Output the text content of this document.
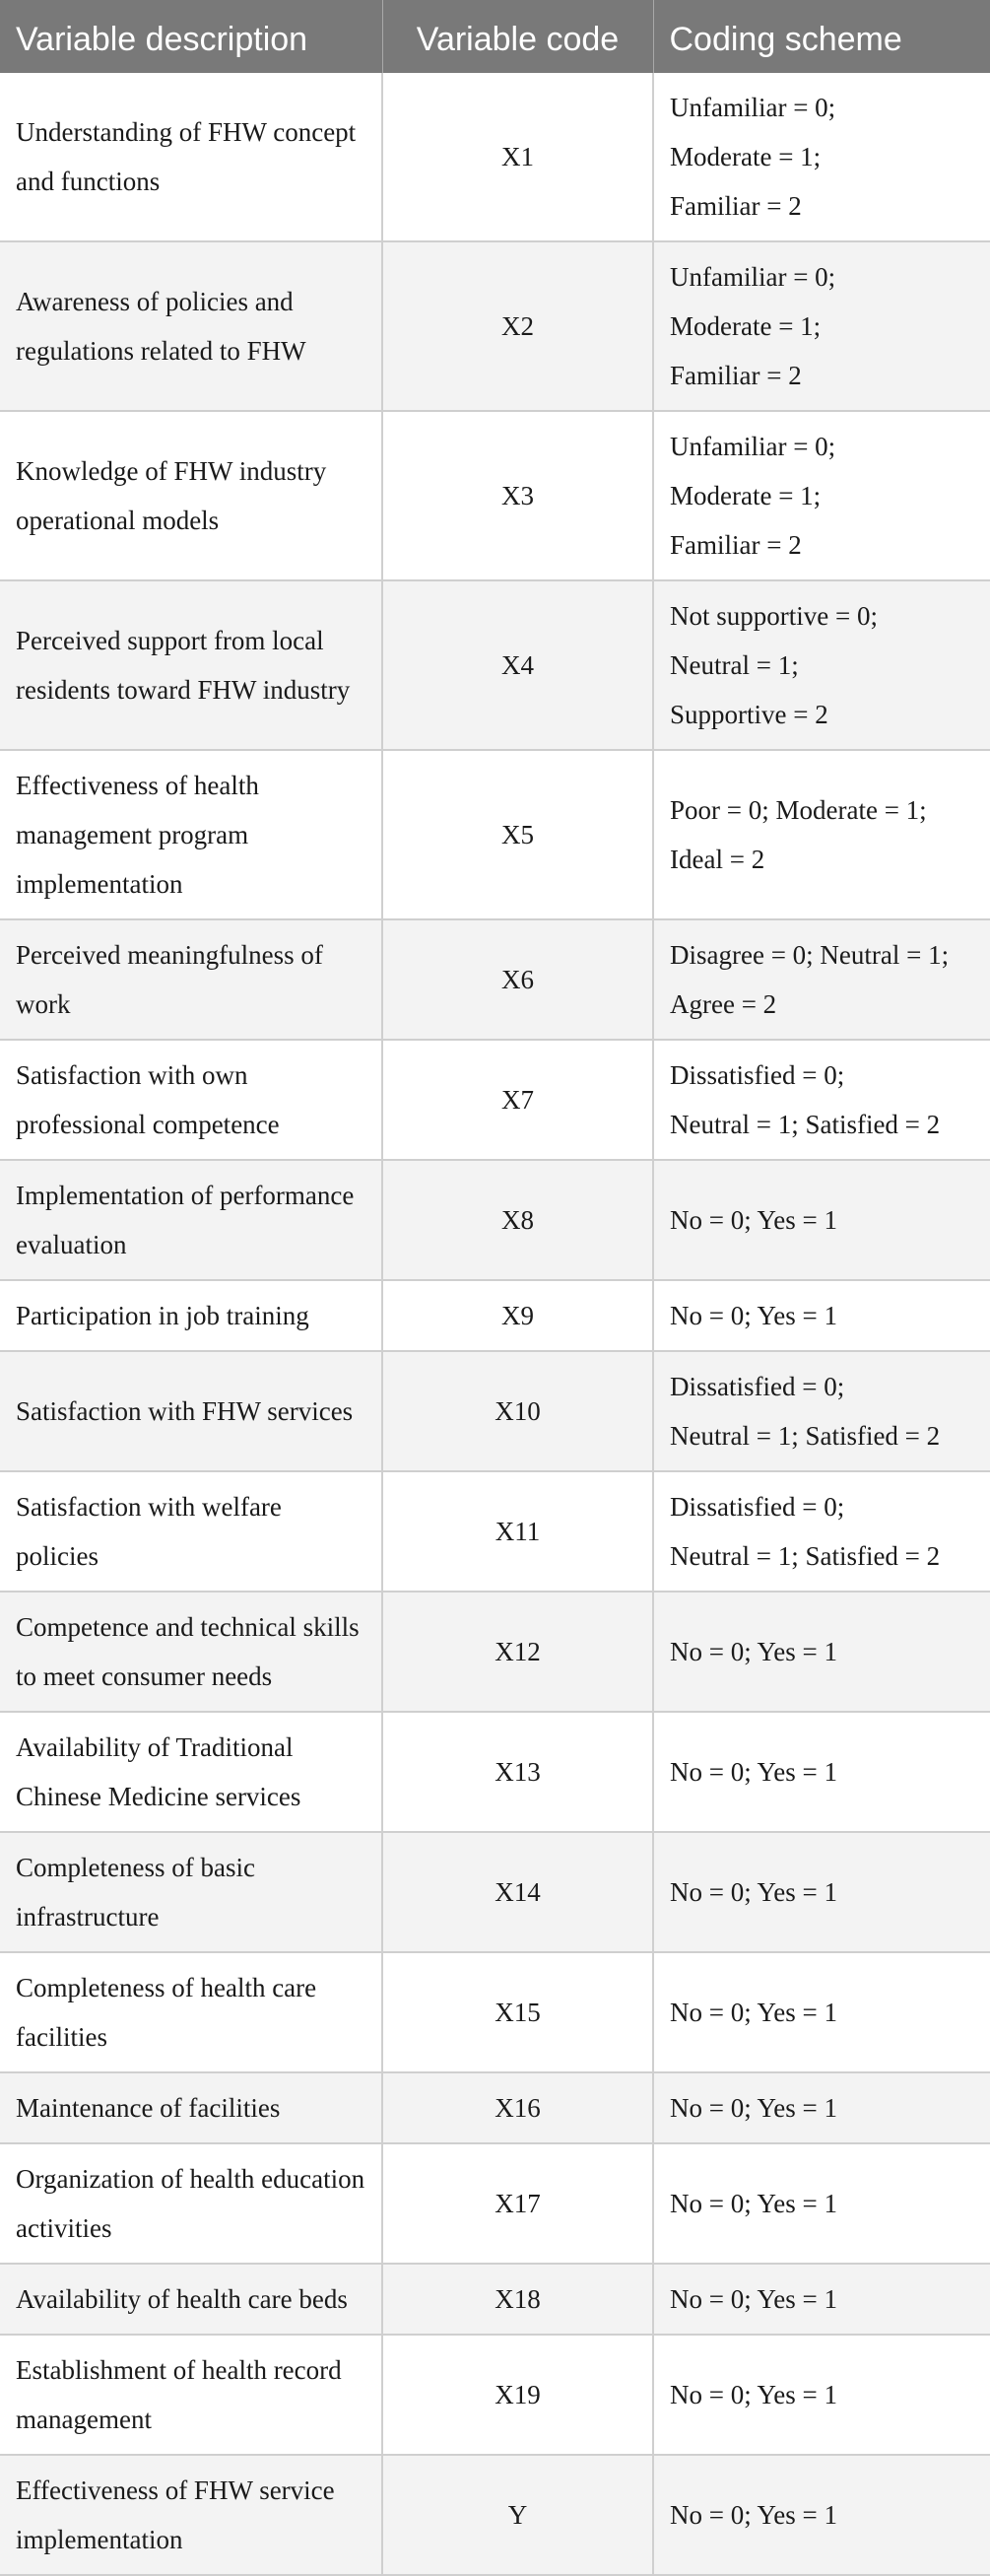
Variable description	Variable code	Coding scheme
Understanding of FHW concept and functions	X1	Unfamiliar = 0;
Moderate = 1;
Familiar = 2

Awareness of policies and regulations related to FHW	X2	Unfamiliar = 0;
Moderate = 1;
Familiar = 2

Knowledge of FHW industry operational models	X3	Unfamiliar = 0;
Moderate = 1;
Familiar = 2

Perceived support from local residents toward FHW industry	X4	Not supportive = 0;
Neutral = 1;
Supportive = 2

Effectiveness of health management program implementation	X5	Poor = 0; Moderate = 1;
Ideal = 2

Perceived meaningfulness of work	X6	Disagree = 0; Neutral = 1;
Agree = 2

Satisfaction with own professional competence	X7	Dissatisfied = 0;
Neutral = 1; Satisfied = 2

Implementation of performance evaluation	X8	No = 0; Yes = 1

Participation in job training	X9	No = 0; Yes = 1

Satisfaction with FHW services	X10	Dissatisfied = 0;
Neutral = 1; Satisfied = 2

Satisfaction with welfare policies	X11	Dissatisfied = 0;
Neutral = 1; Satisfied = 2

Competence and technical skills to meet consumer needs	X12	No = 0; Yes = 1

Availability of Traditional Chinese Medicine services	X13	No = 0; Yes = 1

Completeness of basic infrastructure	X14	No = 0; Yes = 1

Completeness of health care facilities	X15	No = 0; Yes = 1

Maintenance of facilities	X16	No = 0; Yes = 1

Organization of health education activities	X17	No = 0; Yes = 1

Availability of health care beds	X18	No = 0; Yes = 1

Establishment of health record management	X19	No = 0; Yes = 1

Effectiveness of FHW service implementation	Y	No = 0; Yes = 1
